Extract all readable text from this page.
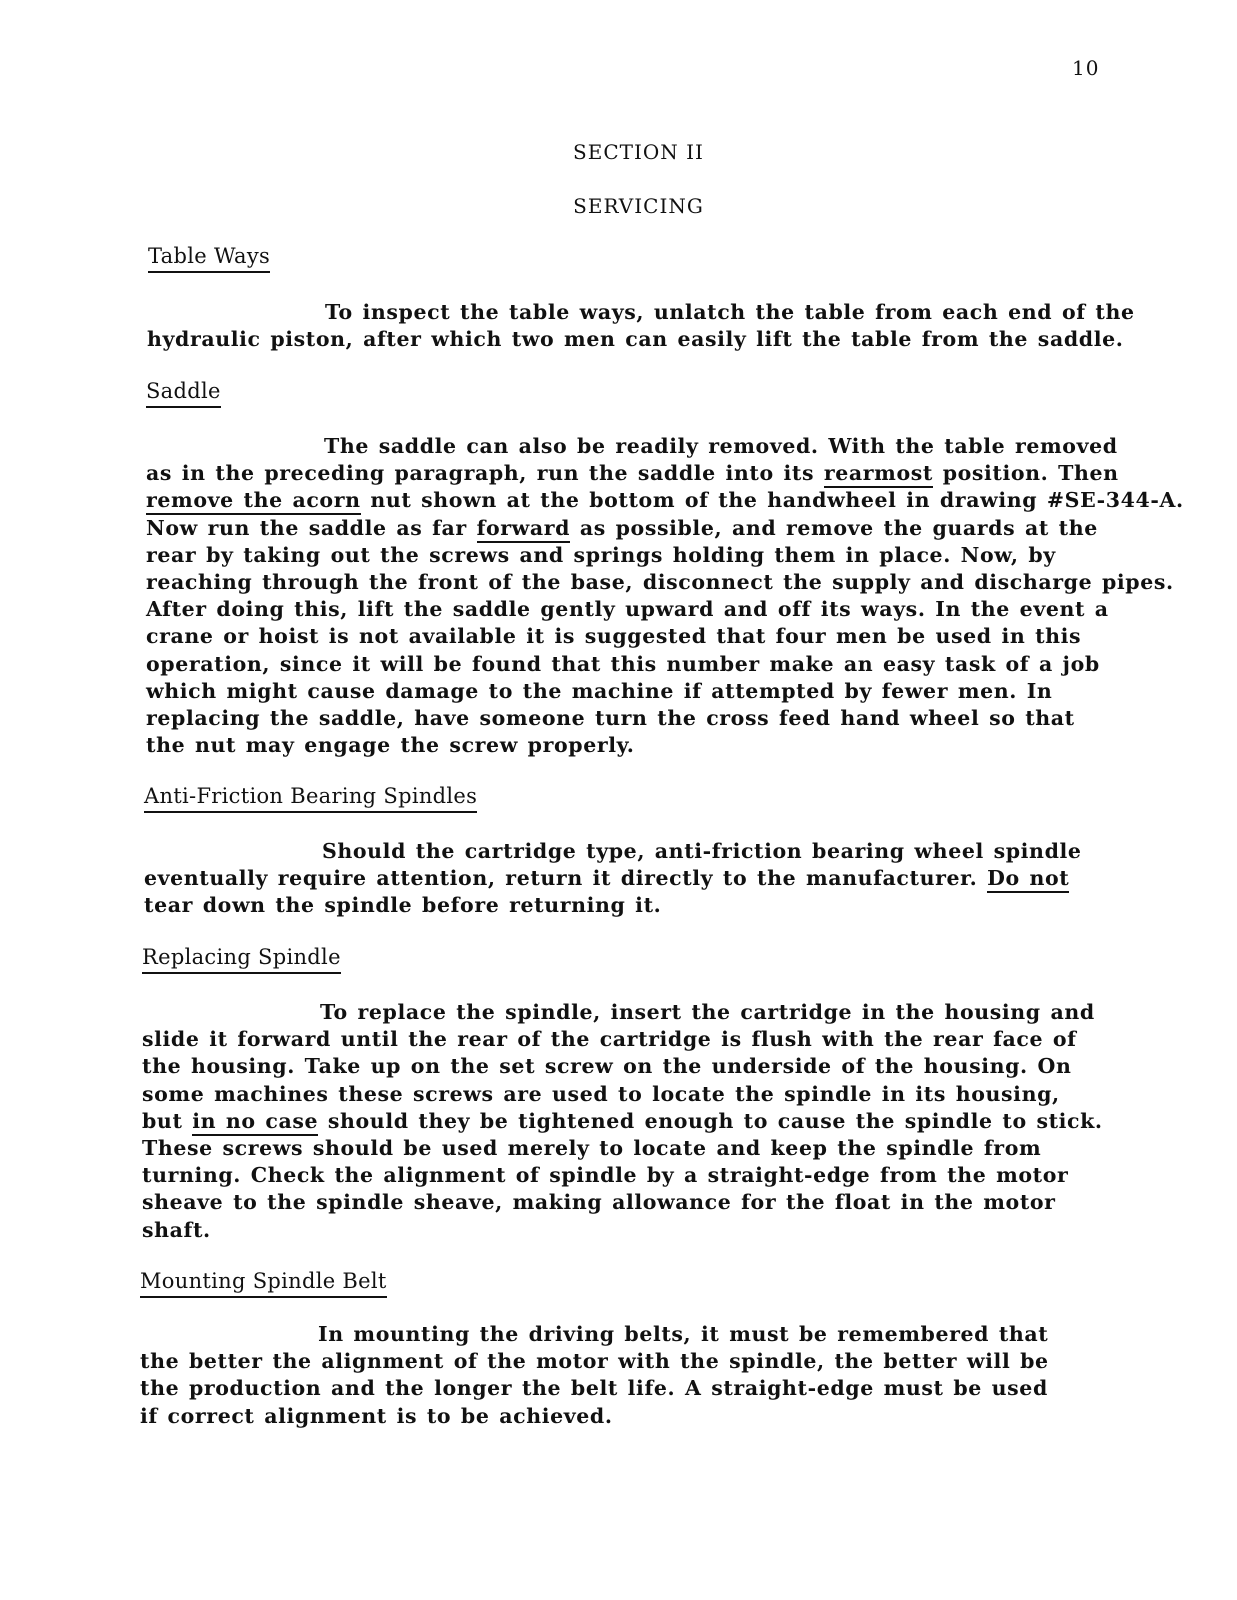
10
SECTION II
SERVICING
Table Ways
To inspect the table ways, unlatch the table from each end of the
hydraulic piston, after which two men can easily lift the table from the saddle.
Saddle
The saddle can also be readily removed. With the table removed
as in the preceding paragraph, run the saddle into its rearmost position. Then
remove the acorn nut shown at the bottom of the handwheel in drawing #SE-344-A.
Now run the saddle as far forward as possible, and remove the guards at the
rear by taking out the screws and springs holding them in place. Now, by
reaching through the front of the base, disconnect the supply and discharge pipes.
After doing this, lift the saddle gently upward and off its ways. In the event a
crane or hoist is not available it is suggested that four men be used in this
operation, since it will be found that this number make an easy task of a job
which might cause damage to the machine if attempted by fewer men. In
replacing the saddle, have someone turn the cross feed hand wheel so that
the nut may engage the screw properly.
Anti-Friction Bearing Spindles
Should the cartridge type, anti-friction bearing wheel spindle
eventually require attention, return it directly to the manufacturer. Do not
tear down the spindle before returning it.
Replacing Spindle
To replace the spindle, insert the cartridge in the housing and
slide it forward until the rear of the cartridge is flush with the rear face of
the housing. Take up on the set screw on the underside of the housing. On
some machines these screws are used to locate the spindle in its housing,
but in no case should they be tightened enough to cause the spindle to stick.
These screws should be used merely to locate and keep the spindle from
turning. Check the alignment of spindle by a straight-edge from the motor
sheave to the spindle sheave, making allowance for the float in the motor
shaft.
Mounting Spindle Belt
In mounting the driving belts, it must be remembered that
the better the alignment of the motor with the spindle, the better will be
the production and the longer the belt life. A straight-edge must be used
if correct alignment is to be achieved.
